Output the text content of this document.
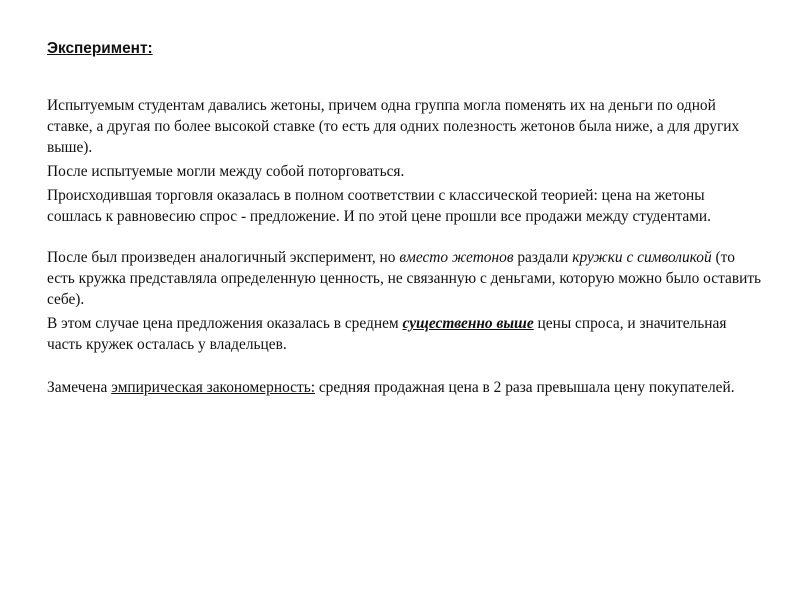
Эксперимент:

Испытуемым студентам давались жетоны, причем одна группа могла поменять их на деньги по одной ставке, а другая по более высокой ставке (то есть для одних полезность жетонов была ниже, а для других выше).

После испытуемые могли между собой поторговаться.

Происходившая торговля оказалась в полном соответствии с классической теорией: цена на жетоны сошлась к равновесию спрос - предложение. И по этой цене прошли все продажи между студентами.

После был произведен аналогичный эксперимент, но вместо жетонов раздали кружки с символикой (то есть кружка представляла определенную ценность, не связанную с деньгами, которую можно было оставить себе).

В этом случае цена предложения оказалась в среднем существенно выше цены спроса, и значительная часть кружек осталась у владельцев.

Замечена эмпирическая закономерность: средняя продажная цена в 2 раза превышала цену покупателей.
